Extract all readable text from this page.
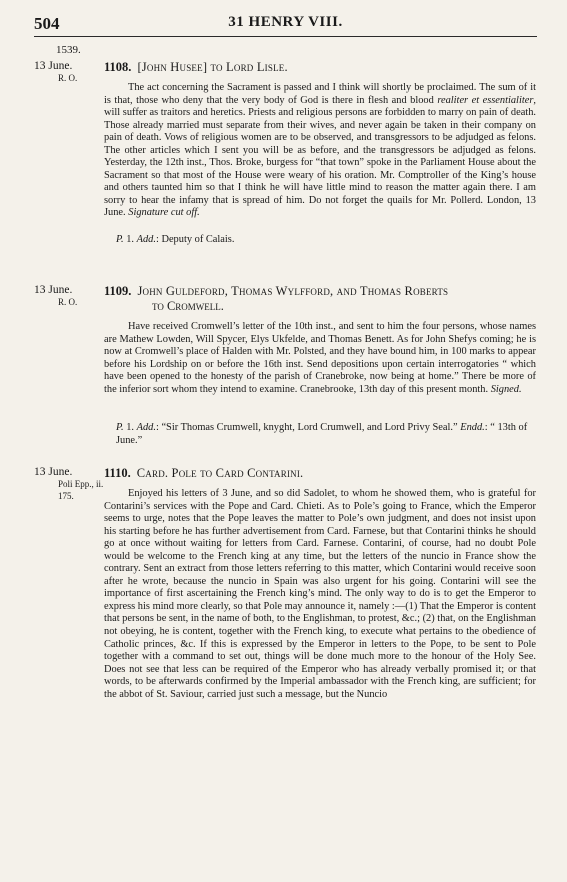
504	31 HENRY VIII.
1539.
13 June.
R. O.
1108. [John Husee] to Lord Lisle.

The act concerning the Sacrament is passed and I think will shortly be proclaimed. The sum of it is that, those who deny that the very body of God is there in flesh and blood realiter et essentialiter, will suffer as traitors and heretics. Priests and religious persons are forbidden to marry on pain of death. Those already married must separate from their wives, and never again be taken in their company on pain of death. Vows of religious women are to be observed, and transgressors to be adjudged as felons. The other articles which I sent you will be as before, and the transgressors be adjudged as felons. Yesterday, the 12th inst., Thos. Broke, burgess for “that town” spoke in the Parliament House about the Sacrament so that most of the House were weary of his oration. Mr. Comptroller of the King’s house and others taunted him so that I think he will have little mind to reason the matter again there. I am sorry to hear the infamy that is spread of him. Do not forget the quails for Mr. Pollerd. London, 13 June. Signature cut off.

P. 1. Add.: Deputy of Calais.
13 June.
R. O.
1109. John Guldeford, Thomas Wylfford, and Thomas Roberts
to Cromwell.

Have received Cromwell’s letter of the 10th inst., and sent to him the four persons, whose names are Mathew Lowden, Will Spycer, Elys Ukfelde, and Thomas Benett. As for John Shefys coming; he is now at Cromwell’s place of Halden with Mr. Polsted, and they have bound him, in 100 marks to appear before his Lordship on or before the 16th inst. Send depositions upon certain interrogatories “ which have been opened to the honesty of the parish of Cranebroke, now being at home.” There be more of the inferior sort whom they intend to examine. Cranebrooke, 13th day of this present month. Signed.

P. 1. Add.: “Sir Thomas Crumwell, knyght, Lord Crumwell, and Lord Privy Seal.” Endd.: “ 13th of June.”
13 June.
Poli Epp., ii. 175.
1110. Card. Pole to Card Contarini.

Enjoyed his letters of 3 June, and so did Sadolet, to whom he showed them, who is grateful for Contarini’s services with the Pope and Card. Chieti. As to Pole’s going to France, which the Emperor seems to urge, notes that the Pope leaves the matter to Pole’s own judgment, and does not insist upon his starting before he has further advertisement from Card. Farnese, but that Contarini thinks he should go at once without waiting for letters from Card. Farnese. Contarini, of course, had no doubt Pole would be welcome to the French king at any time, but the letters of the nuncio in France show the contrary. Sent an extract from those letters referring to this matter, which Contarini would receive soon after he wrote, because the nuncio in Spain was also urgent for his going. Contarini will see the importance of first ascertaining the French king’s mind. The only way to do is to get the Emperor to express his mind more clearly, so that Pole may announce it, namely :—(1) That the Emperor is content that persons be sent, in the name of both, to the Englishman, to protest, &c.; (2) that, on the Englishman not obeying, he is content, together with the French king, to execute what pertains to the obedience of Catholic princes, &c. If this is expressed by the Emperor in letters to the Pope, to be sent to Pole together with a command to set out, things will be done much more to the honour of the Holy See. Does not see that less can be required of the Emperor who has already verbally promised it; or that words, to be afterwards confirmed by the Imperial ambassador with the French king, are sufficient; for the abbot of St. Saviour, carried just such a message, but the Nuncio
